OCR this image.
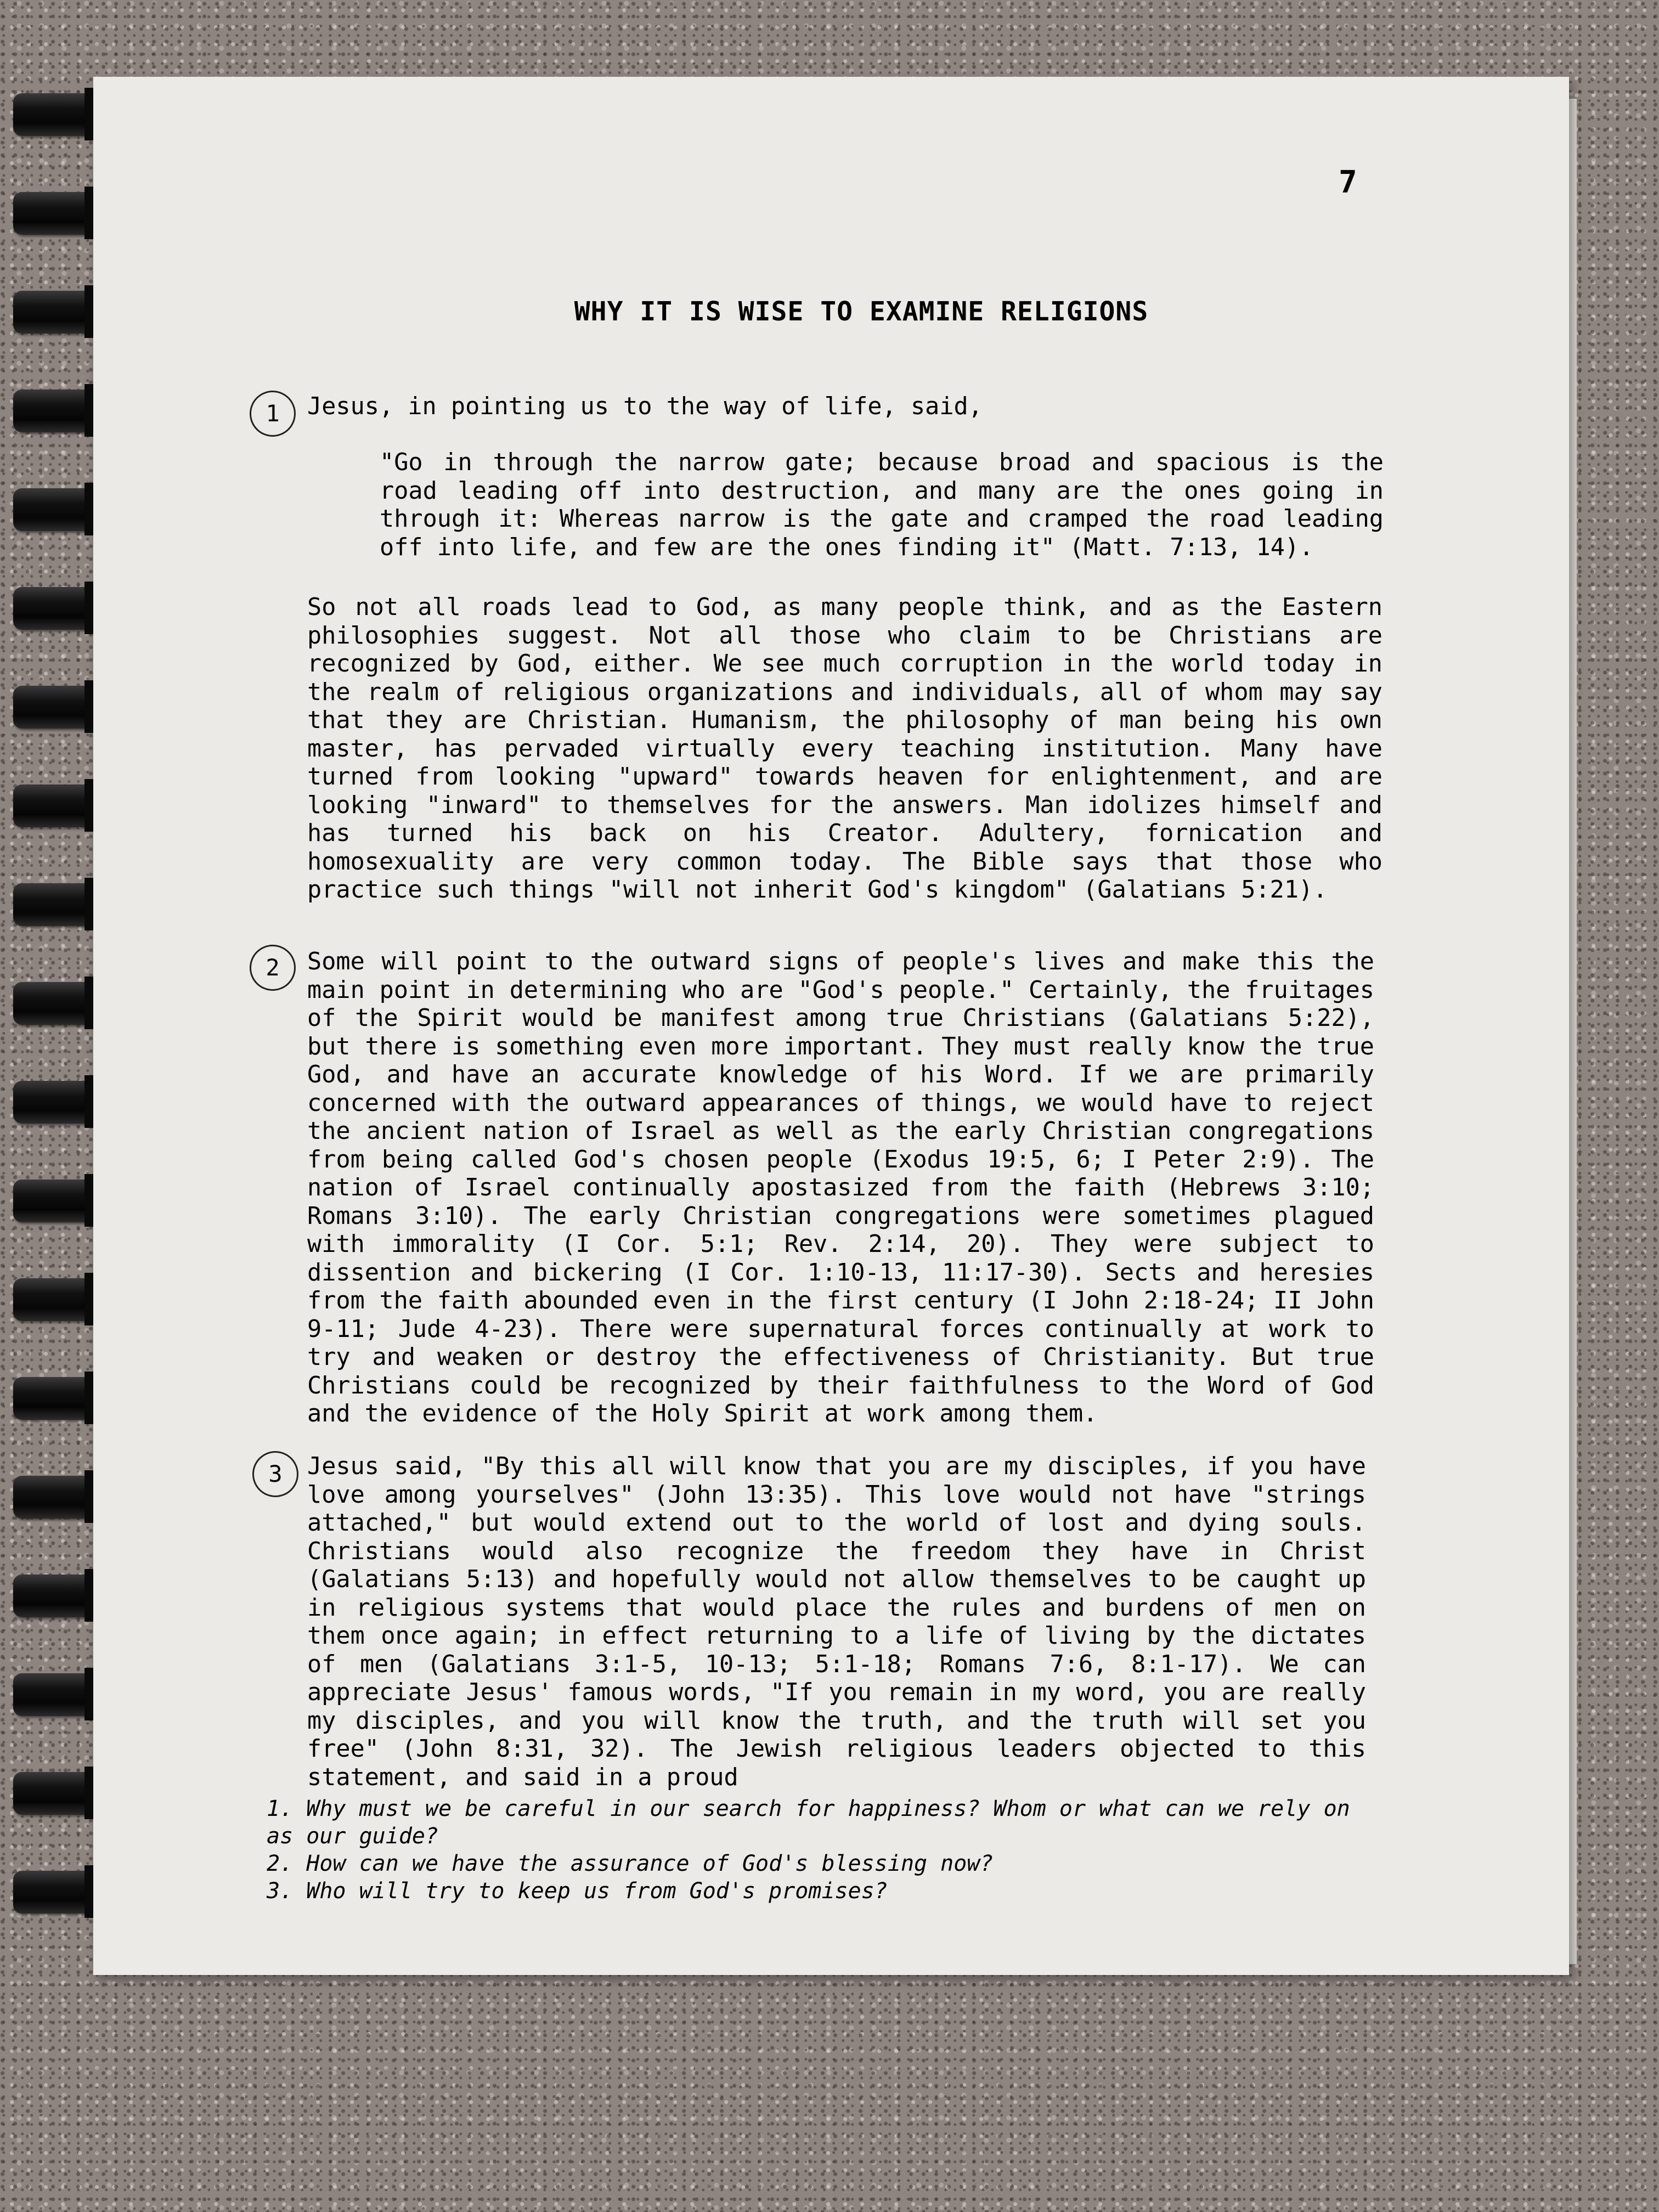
7
WHY IT IS WISE TO EXAMINE RELIGIONS
1	Jesus, in pointing us to the way of life, said,

"Go in through the narrow gate; because broad and spacious is the road leading off into destruction, and many are the ones going in through it: Whereas narrow is the gate and cramped the road leading off into life, and few are the ones finding it" (Matt. 7:13, 14).

So not all roads lead to God, as many people think, and as the Eastern philosophies suggest. Not all those who claim to be Christians are recognized by God, either. We see much corruption in the world today in the realm of religious organizations and individuals, all of whom may say that they are Christian. Humanism, the philosophy of man being his own master, has pervaded virtually every teaching institution. Many have turned from looking "upward" towards heaven for enlightenment, and are looking "inward" to themselves for the answers. Man idolizes himself and has turned his back on his Creator. Adultery, fornication and homosexuality are very common today. The Bible says that those who practice such things "will not inherit God's kingdom" (Galatians 5:21).

2	Some will point to the outward signs of people's lives and make this the main point in determining who are "God's people." Certainly, the fruitages of the Spirit would be manifest among true Christians (Galatians 5:22), but there is something even more important. They must really know the true God, and have an accurate knowledge of his Word. If we are primarily concerned with the outward appearances of things, we would have to reject the ancient nation of Israel as well as the early Christian congregations from being called God's chosen people (Exodus 19:5, 6; I Peter 2:9). The nation of Israel continually apostasized from the faith (Hebrews 3:10; Romans 3:10). The early Christian congregations were sometimes plagued with immorality (I Cor. 5:1; Rev. 2:14, 20). They were subject to dissention and bickering (I Cor. 1:10-13, 11:17-30). Sects and heresies from the faith abounded even in the first century (I John 2:18-24; II John 9-11; Jude 4-23). There were supernatural forces continually at work to try and weaken or destroy the effectiveness of Christianity. But true Christians could be recognized by their faithfulness to the Word of God and the evidence of the Holy Spirit at work among them.

3	Jesus said, "By this all will know that you are my disciples, if you have love among yourselves" (John 13:35). This love would not have "strings attached," but would extend out to the world of lost and dying souls. Christians would also recognize the freedom they have in Christ (Galatians 5:13) and hopefully would not allow themselves to be caught up in religious systems that would place the rules and burdens of men on them once again; in effect returning to a life of living by the dictates of men (Galatians 3:1-5, 10-13; 5:1-18; Romans 7:6, 8:1-17). We can appreciate Jesus' famous words, "If you remain in my word, you are really my disciples, and you will know the truth, and the truth will set you free" (John 8:31, 32). The Jewish religious leaders objected to this statement, and said in a proud

1. Why must we be careful in our search for happiness? Whom or what can we rely on as our guide?

2. How can we have the assurance of God's blessing now?

3. Who will try to keep us from God's promises?
